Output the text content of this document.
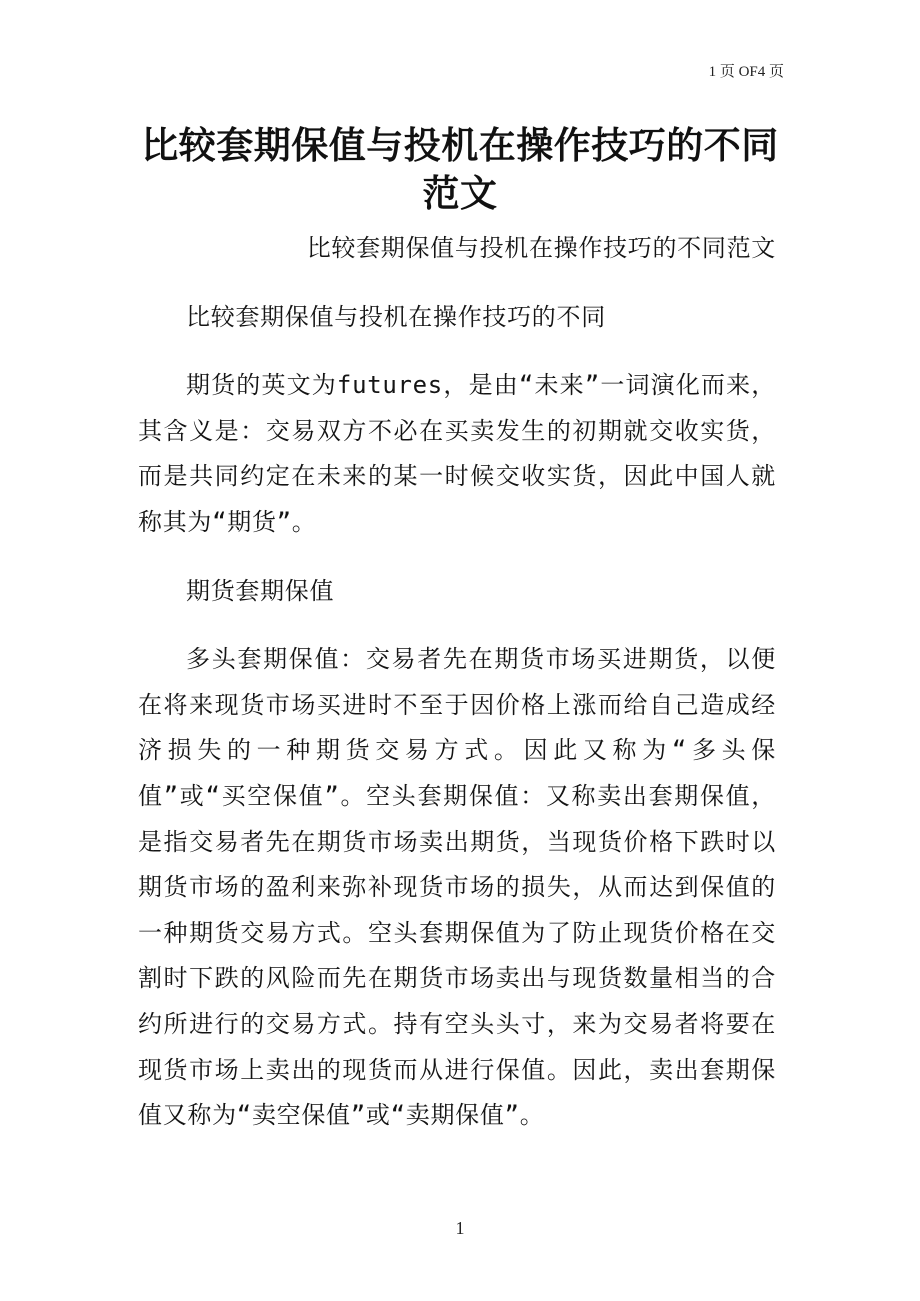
1 页 OF4 页
比较套期保值与投机在操作技巧的不同范文

比较套期保值与投机在操作技巧的不同范文

比较套期保值与投机在操作技巧的不同

期货的英文为futures，是由“未来”一词演化而来，其含义是：交易双方不必在买卖发生的初期就交收实货，而是共同约定在未来的某一时候交收实货，因此中国人就称其为“期货”。

期货套期保值

多头套期保值：交易者先在期货市场买进期货，以便在将来现货市场买进时不至于因价格上涨而给自己造成经济损失的一种期货交易方式。因此又称为“多头保值”或“买空保值”。空头套期保值：又称卖出套期保值，是指交易者先在期货市场卖出期货，当现货价格下跌时以期货市场的盈利来弥补现货市场的损失，从而达到保值的一种期货交易方式。空头套期保值为了防止现货价格在交割时下跌的风险而先在期货市场卖出与现货数量相当的合约所进行的交易方式。持有空头头寸，来为交易者将要在现货市场上卖出的现货而从进行保值。因此，卖出套期保值又称为“卖空保值”或“卖期保值”。

1
